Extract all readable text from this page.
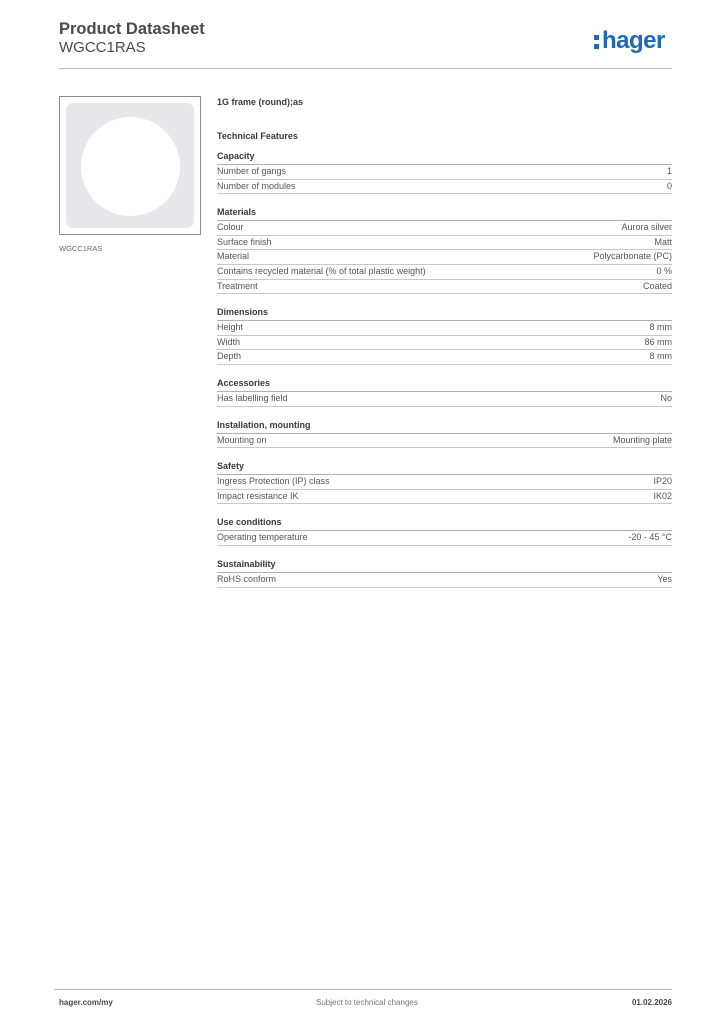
Product Datasheet
WGCC1RAS	hager
WGCC1RAS
1G frame (round);as
Technical Features
Capacity
Number of gangs	1
Number of modules	0
Materials
Colour	Aurora silver
Surface finish	Matt
Material	Polycarbonate (PC)
Contains recycled material (% of total plastic weight)	0 %
Treatment	Coated
Dimensions
Height	8 mm
Width	86 mm
Depth	8 mm
Accessories
Has labelling field	No
Installation, mounting
Mounting on	Mounting plate
Safety
Ingress Protection (IP) class	IP20
Impact resistance IK	IK02
Use conditions
Operating temperature	-20 - 45 °C
Sustainability
RoHS conform	Yes
hager.com/my	Subject to technical changes	01.02.2026
